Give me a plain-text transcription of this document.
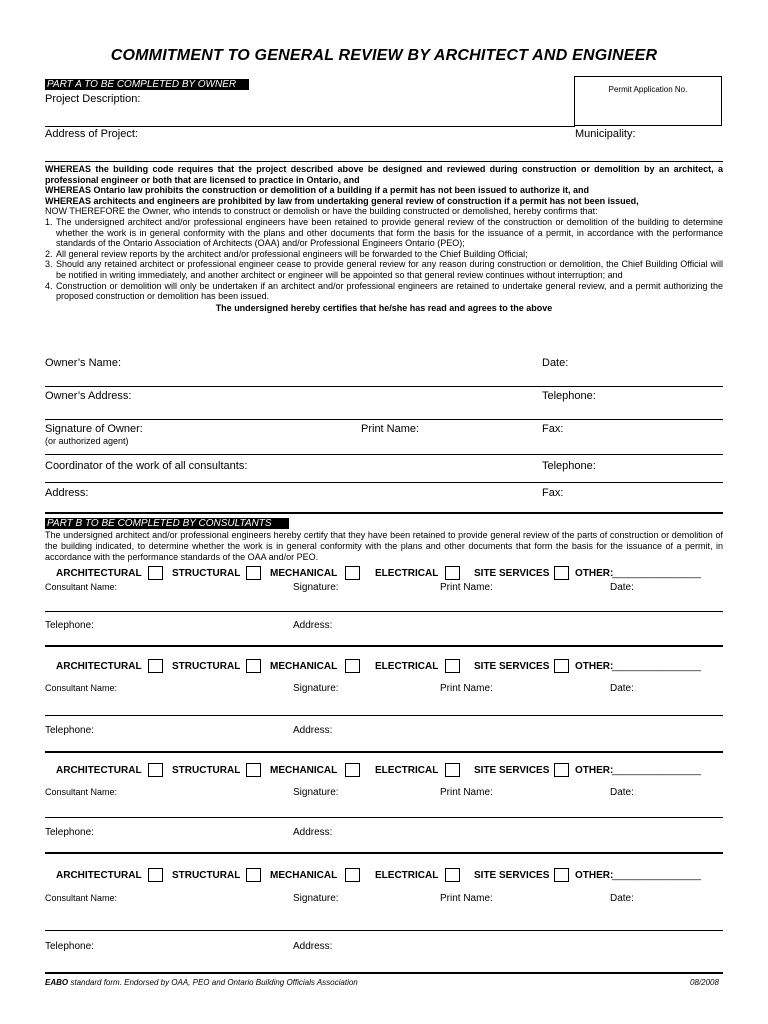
COMMITMENT TO GENERAL REVIEW BY ARCHITECT AND ENGINEER
PART A TO BE COMPLETED BY OWNER
Project Description:
Permit Application No.
Address of Project:	Municipality:
WHEREAS the building code requires that the project described above be designed and reviewed during construction or demolition by an architect, a professional engineer or both that are licensed to practice in Ontario, and
WHEREAS Ontario law prohibits the construction or demolition of a building if a permit has not been issued to authorize it, and
WHEREAS architects and engineers are prohibited by law from undertaking general review of construction if a permit has not been issued,
NOW THEREFORE the Owner, who intends to construct or demolish or have the building constructed or demolished, hereby confirms that:
1. The undersigned architect and/or professional engineers have been retained to provide general review of the construction or demolition of the building to determine whether the work is in general conformity with the plans and other documents that form the basis for the issuance of a permit, in accordance with the performance standards of the Ontario Association of Architects (OAA) and/or Professional Engineers Ontario (PEO);
2. All general review reports by the architect and/or professional engineers will be forwarded to the Chief Building Official;
3. Should any retained architect or professional engineer cease to provide general review for any reason during construction or demolition, the Chief Building Official will be notified in writing immediately, and another architect or engineer will be appointed so that general review continues without interruption; and
4. Construction or demolition will only be undertaken if an architect and/or professional engineers are retained to undertake general review, and a permit authorizing the proposed construction or demolition has been issued.
The undersigned hereby certifies that he/she has read and agrees to the above
Owner’s Name:	Date:
Owner’s Address:	Telephone:
Signature of Owner:
(or authorized agent)
Print Name:	Fax:
Coordinator of the work of all consultants:	Telephone:
Address:	Fax:
PART B TO BE COMPLETED BY CONSULTANTS
The undersigned architect and/or professional engineers hereby certify that they have been retained to provide general review of the parts of construction or demolition of the building indicated, to determine whether the work is in general conformity with the plans and other documents that form the basis for the issuance of a permit, in accordance with the performance standards of the OAA and/or PEO.
ARCHITECTURAL	STRUCTURAL	MECHANICAL	ELECTRICAL	SITE SERVICES	OTHER:
________________
Consultant Name:	Signature:	Print Name:	Date:
Telephone:	Address:
ARCHITECTURAL	STRUCTURAL	MECHANICAL	ELECTRICAL	SITE SERVICES	OTHER:
________________
Consultant Name:	Signature:	Print Name:	Date:
Telephone:	Address:
ARCHITECTURAL	STRUCTURAL	MECHANICAL	ELECTRICAL	SITE SERVICES	OTHER:
________________
Consultant Name:	Signature:	Print Name:	Date:
Telephone:	Address:
ARCHITECTURAL	STRUCTURAL	MECHANICAL	ELECTRICAL	SITE SERVICES	OTHER:
________________
Consultant Name:	Signature:	Print Name:	Date:
Telephone:	Address:
EABO standard form. Endorsed by OAA, PEO and Ontario Building Officials Association	08/2008
